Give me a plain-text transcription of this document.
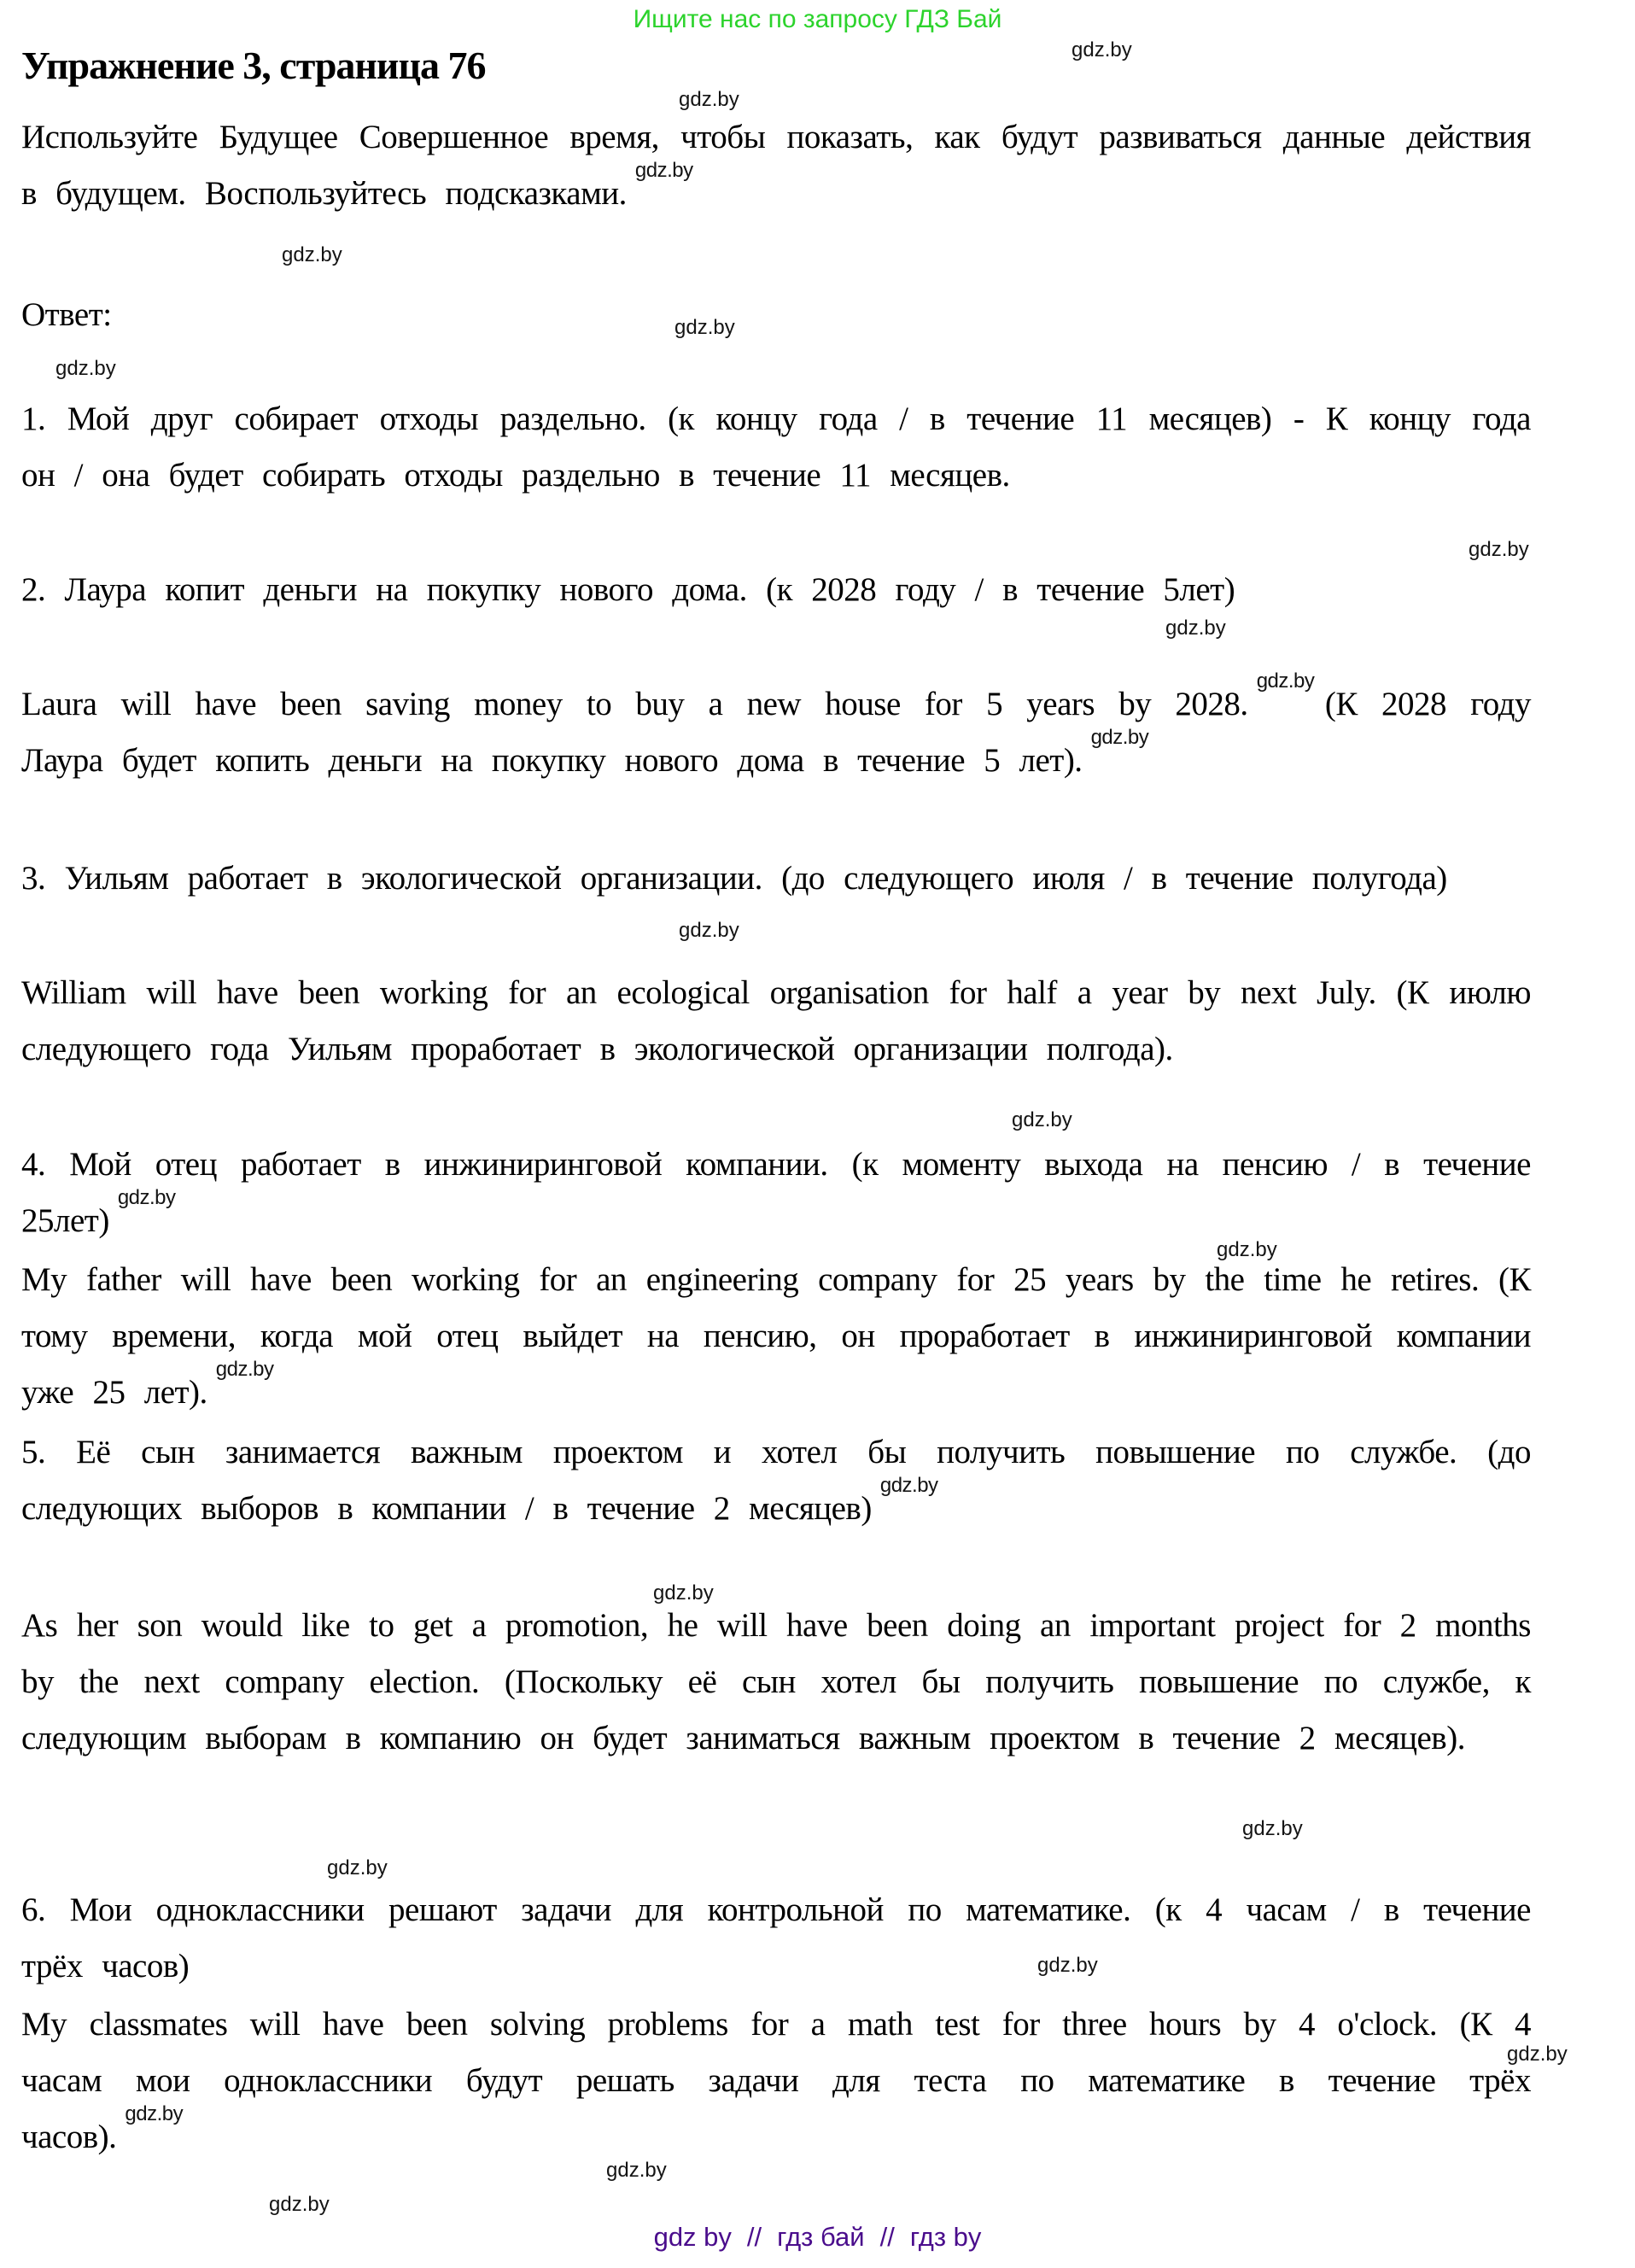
Ищите нас по запросу ГДЗ Бай
Упражнение 3, страница 76

Используйте Будущее Совершенное время, чтобы показать, как будут развиваться данные действия в будущем. Воспользуйтесь подсказками.$^{gdz.by}$

Ответ:

1. Мой друг собирает отходы раздельно. (к концу года / в течение 11 месяцев) - К концу года он / она будет собирать отходы раздельно в течение 11 месяцев.

2. Лаура копит деньги на покупку нового дома. (к 2028 году / в течение 5лет)

Laura will have been saving money to buy a new house for 5 years by 2028.$^{gdz.by}$(К 2028 году Лаура будет копить деньги на покупку нового дома в течение 5 лет).$^{gdz.by}$

3. Уильям работает в экологической организации. (до следующего июля / в течение полугода)

William will have been working for an ecological organisation for half a year by next July. (К июлю следующего года Уильям проработает в экологической организации полгода).

4. Мой отец работает в инжиниринговой компании. (к моменту выхода на пенсию / в течение 25лет)$^{gdz.by}$

My father will have been working for an engineering company for 25 years by the time he retires. (К тому времени, когда мой отец выйдет на пенсию, он проработает в инжиниринговой компании уже 25 лет).$^{gdz.by}$

5. Её сын занимается важным проектом и хотел бы получить повышение по службе. (до следующих выборов в компании / в течение 2 месяцев)$^{gdz.by}$

As her son would like to get a promotion, he will have been doing an important project for 2 months by the next company election. (Поскольку её сын хотел бы получить повышение по службе, к следующим выборам в компанию он будет заниматься важным проектом в течение 2 месяцев).

6. Мои одноклассники решают задачи для контрольной по математике. (к 4 часам / в течение трёх часов)

My classmates will have been solving problems for a math test for three hours by 4 o'clock. (К 4 часам мои одноклассники будут решать задачи для теста по математике в течение трёх часов).$^{gdz.by}$

gdz.by
gdz.by
gdz.by
gdz.by
gdz.by
gdz.by
gdz.by
gdz.by
gdz.by
gdz.by
gdz.by
gdz.by
gdz.by
gdz.by
gdz.by
gdz.by
gdz.by
gdz by // гдз бай // гдз by
